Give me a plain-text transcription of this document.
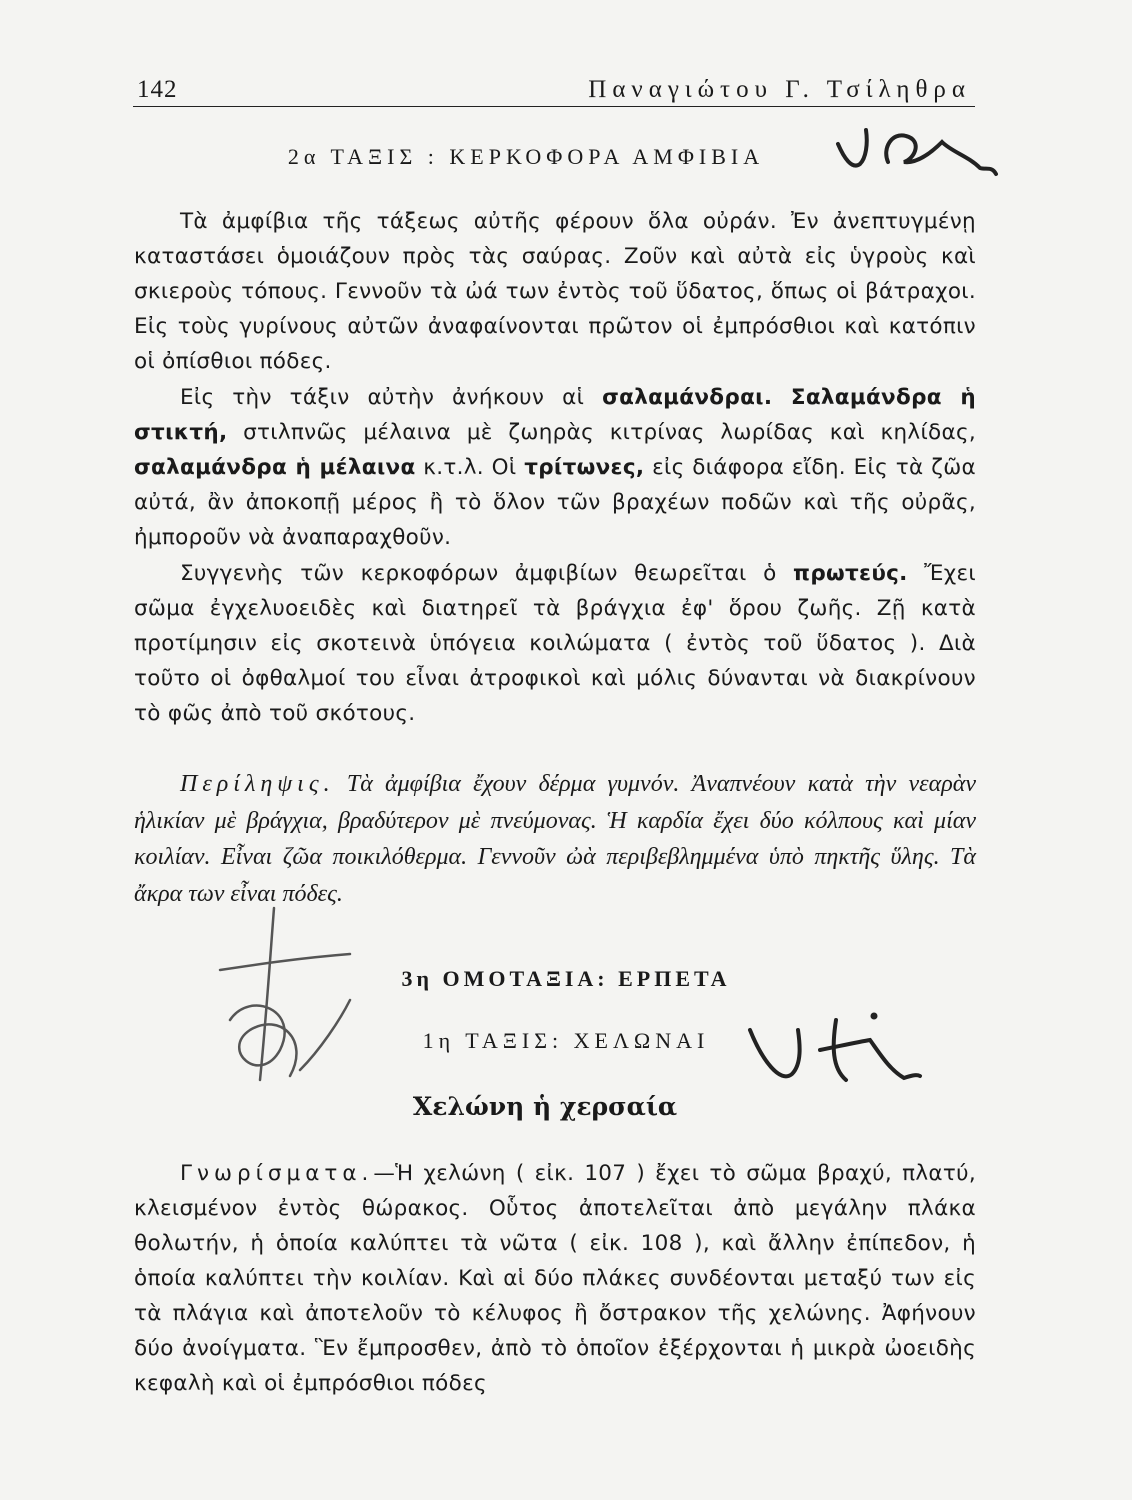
142	Παναγιώτου Γ. Τσίληθρα
2α ΤΑΞΙΣ : ΚΕΡΚΟΦΟΡΑ ΑΜΦΙΒΙΑ

Τὰ ἀμφίβια τῆς τάξεως αὐτῆς φέρουν ὅλα οὐράν. Ἐν ἀνεπτυγμένῃ καταστάσει ὁμοιάζουν πρὸς τὰς σαύρας. Ζοῦν καὶ αὐτὰ εἰς ὑγροὺς καὶ σκιεροὺς τόπους. Γεννοῦν τὰ ὠά των ἐντὸς τοῦ ὕδατος, ὅπως οἱ βάτραχοι. Εἰς τοὺς γυρίνους αὐτῶν ἀναφαίνονται πρῶτον οἱ ἐμπρόσθιοι καὶ κατόπιν οἱ ὀπίσθιοι πόδες.

Εἰς τὴν τάξιν αὐτὴν ἀνήκουν αἱ σαλαμάνδραι. Σαλαμάνδρα ἡ στικτή, στιλπνῶς μέλαινα μὲ ζωηρὰς κιτρίνας λωρίδας καὶ κηλίδας, σαλαμάνδρα ἡ μέλαινα κ.τ.λ. Οἱ τρίτωνες, εἰς διάφορα εἴδη. Εἰς τὰ ζῶα αὐτά, ἂν ἀποκοπῇ μέρος ἢ τὸ ὅλον τῶν βραχέων ποδῶν καὶ τῆς οὐρᾶς, ἠμποροῦν νὰ ἀναπαραχθοῦν.

Συγγενὴς τῶν κερκοφόρων ἀμφιβίων θεωρεῖται ὁ πρωτεύς. Ἔχει σῶμα ἐγχελυοειδὲς καὶ διατηρεῖ τὰ βράγχια ἐφ' ὅρου ζωῆς. Ζῇ κατὰ προτίμησιν εἰς σκοτεινὰ ὑπόγεια κοιλώματα ( ἐντὸς τοῦ ὕδατος ). Διὰ τοῦτο οἱ ὀφθαλμοί του εἶναι ἀτροφικοὶ καὶ μόλις δύνανται νὰ διακρίνουν τὸ φῶς ἀπὸ τοῦ σκότους.

Περίληψις. Τὰ ἀμφίβια ἔχουν δέρμα γυμνόν. Ἀναπνέουν κατὰ τὴν νεαρὰν ἡλικίαν μὲ βράγχια, βραδύτερον μὲ πνεύμονας. Ἡ καρδία ἔχει δύο κόλπους καὶ μίαν κοιλίαν. Εἶναι ζῶα ποικιλόθερμα. Γεννοῦν ὠὰ περιβεβλημμένα ὑπὸ πηκτῆς ὕλης. Τὰ ἄκρα των εἶναι πόδες.

3η ΟΜΟΤΑΞΙΑ: ΕΡΠΕΤΑ
1η ΤΑΞΙΣ: ΧΕΛΩΝΑΙ
Χελώνη ἡ χερσαία

Γνωρίσματα.—Ἡ χελώνη ( εἰκ. 107 ) ἔχει τὸ σῶμα βραχύ, πλατύ, κλεισμένον ἐντὸς θώρακος. Οὗτος ἀποτελεῖται ἀπὸ μεγάλην πλάκα θολωτήν, ἡ ὁποία καλύπτει τὰ νῶτα ( εἰκ. 108 ), καὶ ἄλλην ἐπίπεδον, ἡ ὁποία καλύπτει τὴν κοιλίαν. Καὶ αἱ δύο πλάκες συνδέονται μεταξύ των εἰς τὰ πλάγια καὶ ἀποτελοῦν τὸ κέλυφος ἢ ὄστρακον τῆς χελώνης. Ἀφήνουν δύο ἀνοίγματα. Ἓν ἔμπροσθεν, ἀπὸ τὸ ὁποῖον ἐξέρχονται ἡ μικρὰ ὠοειδὴς κεφαλὴ καὶ οἱ ἐμπρόσθιοι πόδες
